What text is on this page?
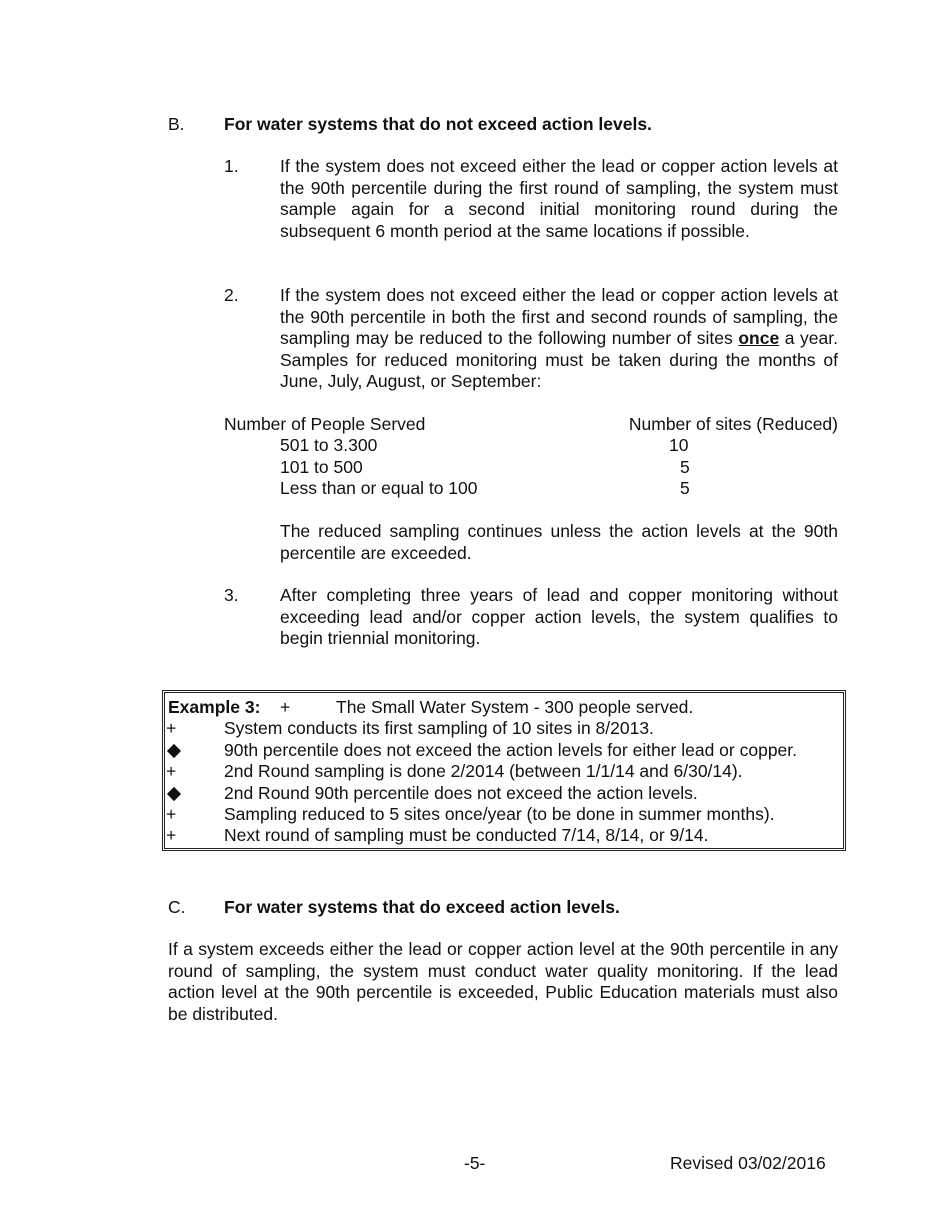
B. For water systems that do not exceed action levels.
1. If the system does not exceed either the lead or copper action levels at the 90th percentile during the first round of sampling, the system must sample again for a second initial monitoring round during the subsequent 6 month period at the same locations if possible.
2. If the system does not exceed either the lead or copper action levels at the 90th percentile in both the first and second rounds of sampling, the sampling may be reduced to the following number of sites once a year. Samples for reduced monitoring must be taken during the months of June, July, August, or September:
Number of People Served	Number of sites (Reduced)
501 to 3.300	10
101 to 500	5
Less than or equal to 100	5
The reduced sampling continues unless the action levels at the 90th percentile are exceeded.
3. After completing three years of lead and copper monitoring without exceeding lead and/or copper action levels, the system qualifies to begin triennial monitoring.
Example 3: +	The Small Water System - 300 people served.
+	System conducts its first sampling of 10 sites in 8/2013.
90th percentile does not exceed the action levels for either lead or copper.
+	2nd Round sampling is done 2/2014 (between 1/1/14 and 6/30/14).
2nd Round 90th percentile does not exceed the action levels.
+	Sampling reduced to 5 sites once/year (to be done in summer months).
+	Next round of sampling must be conducted 7/14, 8/14, or 9/14.
C. For water systems that do exceed action levels.
If a system exceeds either the lead or copper action level at the 90th percentile in any round of sampling, the system must conduct water quality monitoring. If the lead action level at the 90th percentile is exceeded, Public Education materials must also be distributed.
-5-	Revised 03/02/2016
